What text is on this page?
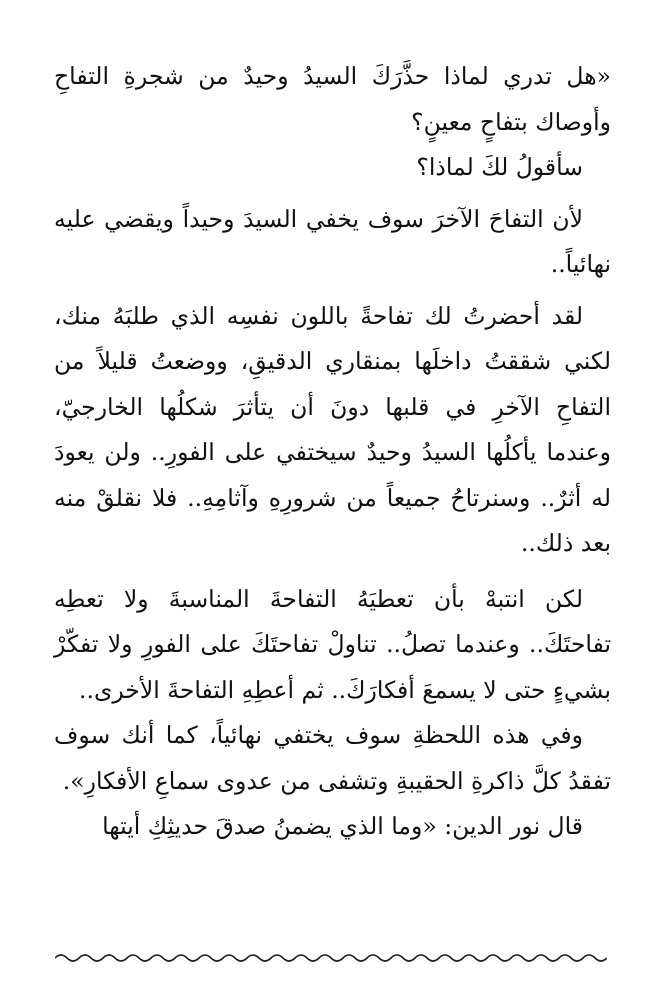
«هل تدري لماذا حذَّرَكَ السيدُ وحيدٌ من شجرةِ التفاحِ وأوصاك بتفاحٍ معينٍ؟

سأقولُ لكَ لماذا؟

لأن التفاحَ الآخرَ سوف يخفي السيدَ وحيداً ويقضي عليه نهائياً..

لقد أحضرتُ لك تفاحةً باللون نفسِه الذي طلبَهُ منك، لكني شققتُ داخلَها بمنقاري الدقيقِ، ووضعتُ قليلاً من التفاحِ الآخرِ في قلبها دونَ أن يتأثرَ شكلُها الخارجيّ، وعندما يأكلُها السيدُ وحيدٌ سيختفي على الفورِ.. ولن يعودَ له أثرٌ.. وسنرتاحُ جميعاً من شرورِهِ وآثامِهِ.. فلا نقلقْ منه بعد ذلك..

لكن انتبهْ بأن تعطيَهُ التفاحةَ المناسبةَ ولا تعطِه تفاحتَكَ.. وعندما تصلُ.. تناولْ تفاحتَكَ على الفورِ ولا تفكّرْ بشيءٍ حتى لا يسمعَ أفكارَكَ.. ثم أعطِهِ التفاحةَ الأخرى..

وفي هذه اللحظةِ سوف يختفي نهائياً، كما أنك سوف تفقدُ كلَّ ذاكرةِ الحقيبةِ وتشفى من عدوى سماعِ الأفكارِ».

قال نور الدين: «وما الذي يضمنُ صدقَ حديثِكِ أيتها
